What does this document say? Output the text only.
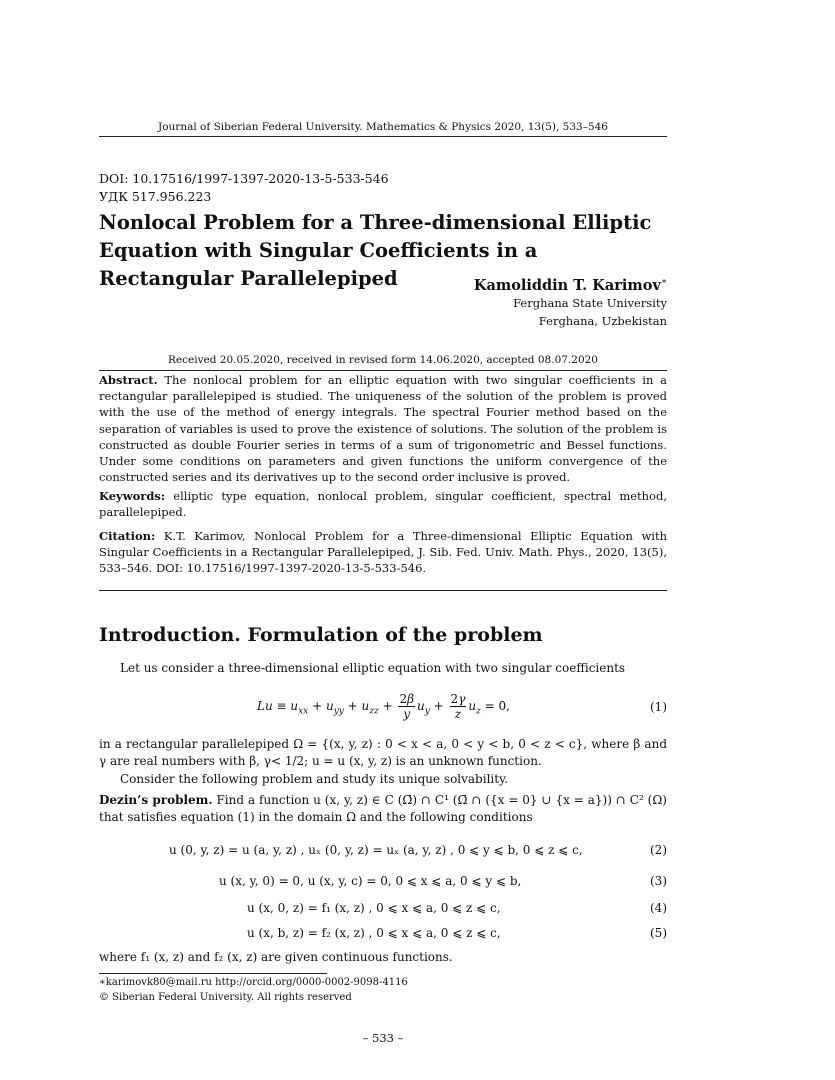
Journal of Siberian Federal University. Mathematics & Physics 2020, 13(5), 533–546
DOI: 10.17516/1997-1397-2020-13-5-533-546
УДК 517.956.223
Nonlocal Problem for a Three-dimensional Elliptic Equation with Singular Coefficients in a Rectangular Parallelepiped	Kamoliddin T. Karimov∗
Ferghana State University
Ferghana, Uzbekistan
Received 20.05.2020, received in revised form 14.06.2020, accepted 08.07.2020
Abstract. The nonlocal problem for an elliptic equation with two singular coefficients in a rectangular parallelepiped is studied. The uniqueness of the solution of the problem is proved with the use of the method of energy integrals. The spectral Fourier method based on the separation of variables is used to prove the existence of solutions. The solution of the problem is constructed as double Fourier series in terms of a sum of trigonometric and Bessel functions. Under some conditions on parameters and given functions the uniform convergence of the constructed series and its derivatives up to the second order inclusive is proved.
Keywords: elliptic type equation, nonlocal problem, singular coefficient, spectral method, parallelepiped.
Citation: K.T. Karimov, Nonlocal Problem for a Three-dimensional Elliptic Equation with Singular Coefficients in a Rectangular Parallelepiped, J. Sib. Fed. Univ. Math. Phys., 2020, 13(5), 533–546. DOI: 10.17516/1997-1397-2020-13-5-533-546.
Introduction. Formulation of the problem
Let us consider a three-dimensional elliptic equation with two singular coefficients
$Lu \equiv u_{xx} + u_{yy} + u_{zz} + \frac{2\beta}{y} u_y + \frac{2\gamma}{z} u_z = 0$,	(1)
in a rectangular parallelepiped Ω = {(x, y, z) : 0 < x < a, 0 < y < b, 0 < z < c}, where β and γ are real numbers with β, γ< 1/2; u = u (x, y, z) is an unknown function.
Consider the following problem and study its unique solvability.
Dezin’s problem. Find a function u (x, y, z) ∈ C (Ω̄) ∩ C¹ (Ω̄ ∩ ({x = 0} ∪ {x = a})) ∩ C² (Ω) that satisfies equation (1) in the domain Ω and the following conditions
u (0, y, z) = u (a, y, z) , uₓ (0, y, z) = uₓ (a, y, z) , 0 ⩽ y ⩽ b, 0 ⩽ z ⩽ c,	(2)
u (x, y, 0) = 0, u (x, y, c) = 0, 0 ⩽ x ⩽ a, 0 ⩽ y ⩽ b,	(3)
u (x, 0, z) = f₁ (x, z) , 0 ⩽ x ⩽ a, 0 ⩽ z ⩽ c,	(4)
u (x, b, z) = f₂ (x, z) , 0 ⩽ x ⩽ a, 0 ⩽ z ⩽ c,	(5)
where f₁ (x, z) and f₂ (x, z) are given continuous functions.
∗karimovk80@mail.ru http://orcid.org/0000-0002-9098-4116
© Siberian Federal University. All rights reserved
– 533 –
